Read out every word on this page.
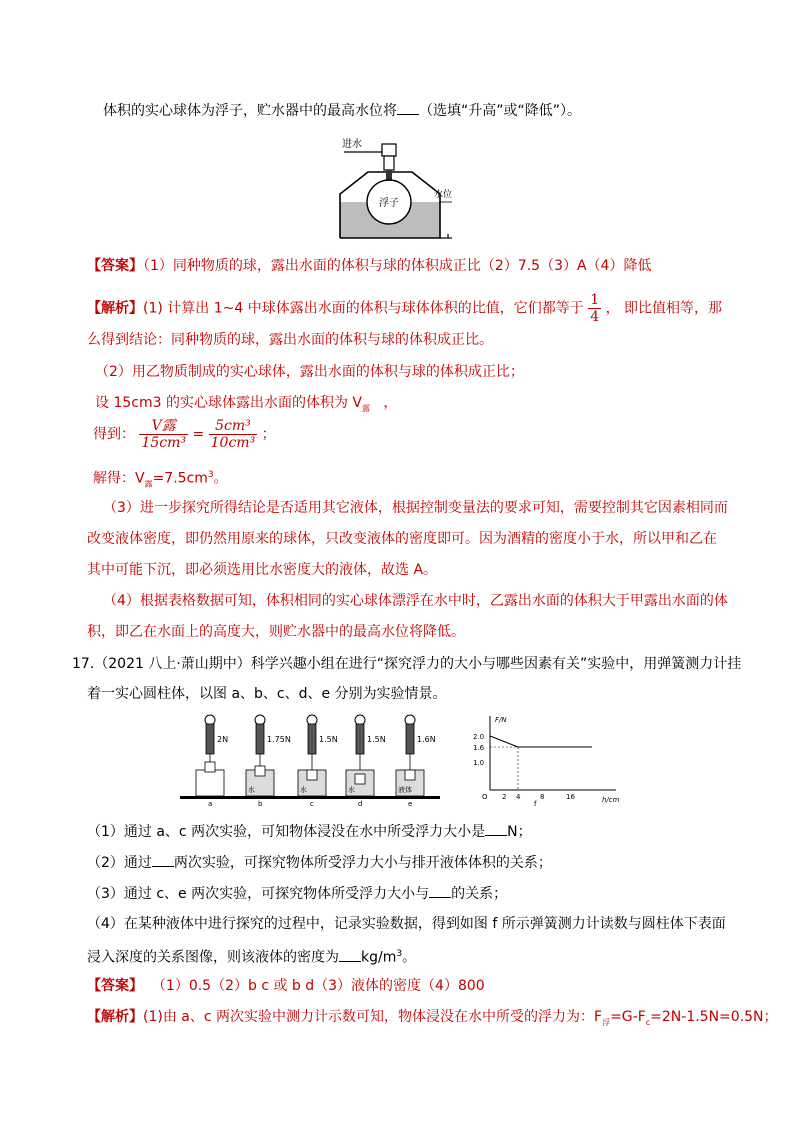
体积的实心球体为浮子，贮水器中的最高水位将 （选填“升高”或“降低”）。
进水
浮子
水位
【答案】（1）同种物质的球，露出水面的体积与球的体积成正比（2）7.5（3）A（4）降低
【解析】(1) 计算出 1~4 中球体露出水面的体积与球体体积的比值，它们都等于 $\frac{1}{4}$ ， 即比值相等，那
么得到结论：同种物质的球，露出水面的体积与球的体积成正比。
（2）用乙物质制成的实心球体，露出水面的体积与球的体积成正比；
设 15cm3 的实心球体露出水面的体积为 $V_露$ ，
得到： $\frac{\text{V露}}{\text{15cm³}} = \frac{\text{5cm³}}{\text{10cm³}}$ ；
解得：$V_露=7.5cm^3$。
（3）进一步探究所得结论是否适用其它液体，根据控制变量法的要求可知，需要控制其它因素相同而
改变液体密度，即仍然用原来的球体，只改变液体的密度即可。因为酒精的密度小于水，所以甲和乙在
其中可能下沉，即必须选用比水密度大的液体，故选 A。
（4）根据表格数据可知，体积相同的实心球体漂浮在水中时，乙露出水面的体积大于甲露出水面的体
积，即乙在水面上的高度大，则贮水器中的最高水位将降低。
17.（2021 八上·萧山期中）科学兴趣小组在进行“探究浮力的大小与哪些因素有关”实验中，用弹簧测力计挂
着一实心圆柱体，以图 a、b、c、d、e 分别为实验情景。
2N
a
1.75N
水
b
1.5N
水
c
1.5N
水
d
1.6N
液体
e
F/N
h/cm
2.0
1.6
1.0
O 2 4	8	16
f
（1）通过 a、c 两次实验，可知物体浸没在水中所受浮力大小是 N；
（2）通过 两次实验，可探究物体所受浮力大小与排开液体体积的关系；
（3）通过 c、e 两次实验，可探究物体所受浮力大小与 的关系；
（4）在某种液体中进行探究的过程中，记录实验数据，得到如图 f 所示弹簧测力计读数与圆柱体下表面
浸入深度的关系图像，则该液体的密度为 $kg/m^3$。
【答案】 （1）0.5（2）b c 或 b d（3）液体的密度（4）800
【解析】(1)由 a、c 两次实验中测力计示数可知，物体浸没在水中所受的浮力为：$F_浮=G-F_c=2N-1.5N=0.5N$；
